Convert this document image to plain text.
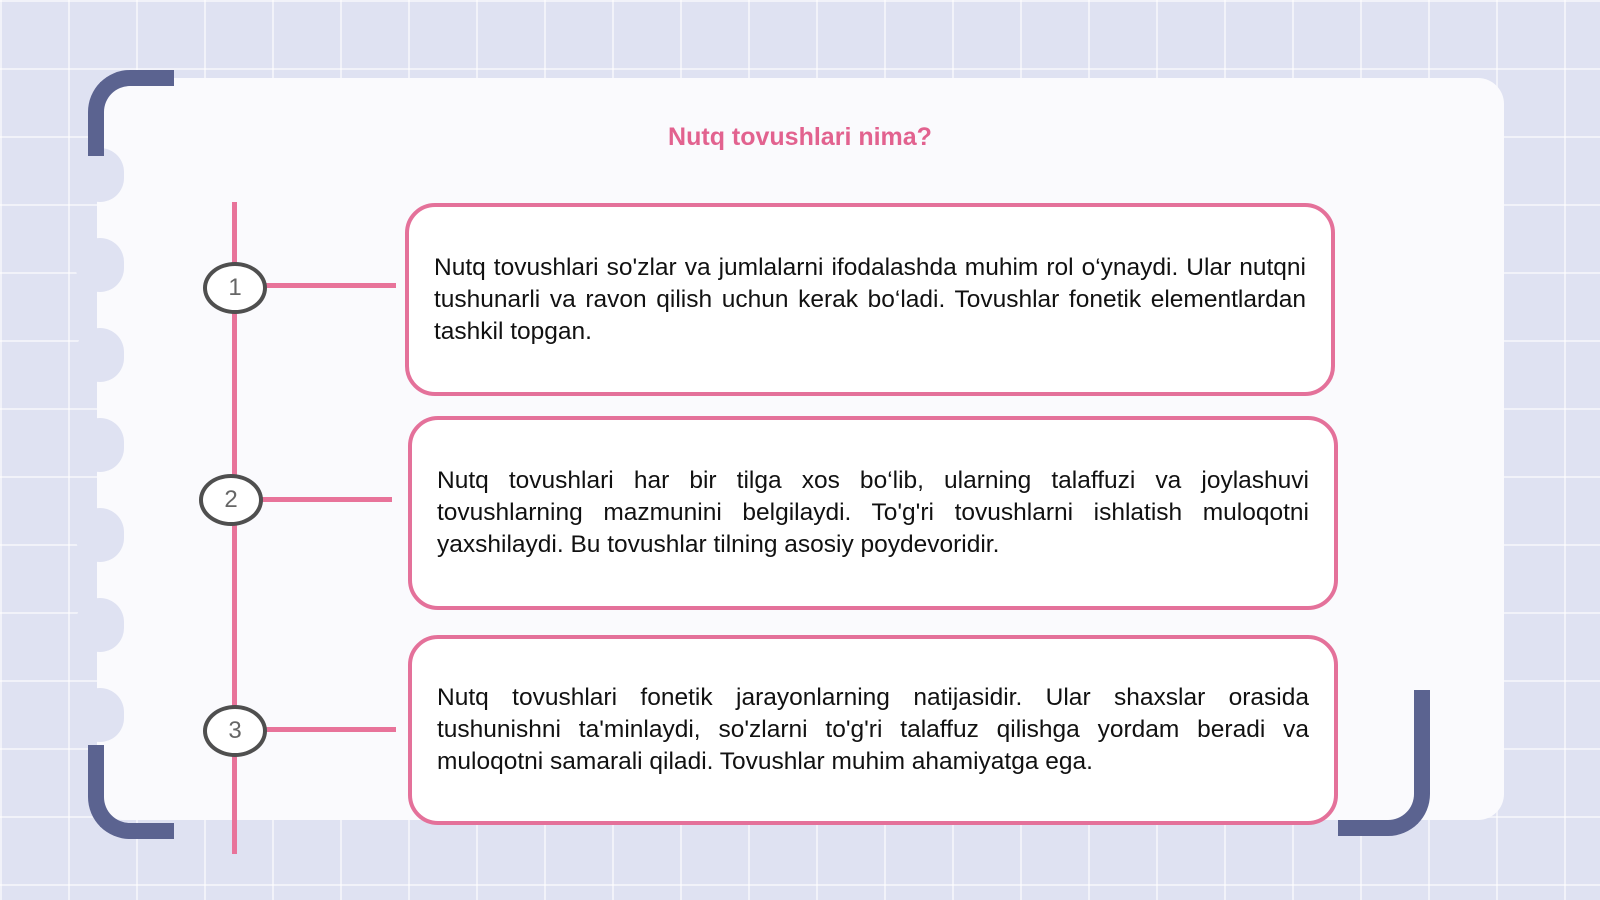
Nutq tovushlari nima?
1
2
3

Nutq tovushlari so'zlar va jumlalarni ifodalashda muhim rol o‘ynaydi. Ular nutqni tushunarli va ravon qilish uchun kerak bo‘ladi. Tovushlar fonetik elementlardan tashkil topgan.

Nutq tovushlari har bir tilga xos bo‘lib, ularning talaffuzi va joylashuvi tovushlarning mazmunini belgilaydi. To'g'ri tovushlarni ishlatish muloqotni yaxshilaydi. Bu tovushlar tilning asosiy poydevoridir.

Nutq tovushlari fonetik jarayonlarning natijasidir. Ular shaxslar orasida tushunishni ta'minlaydi, so'zlarni to'g'ri talaffuz qilishga yordam beradi va muloqotni samarali qiladi. Tovushlar muhim ahamiyatga ega.
